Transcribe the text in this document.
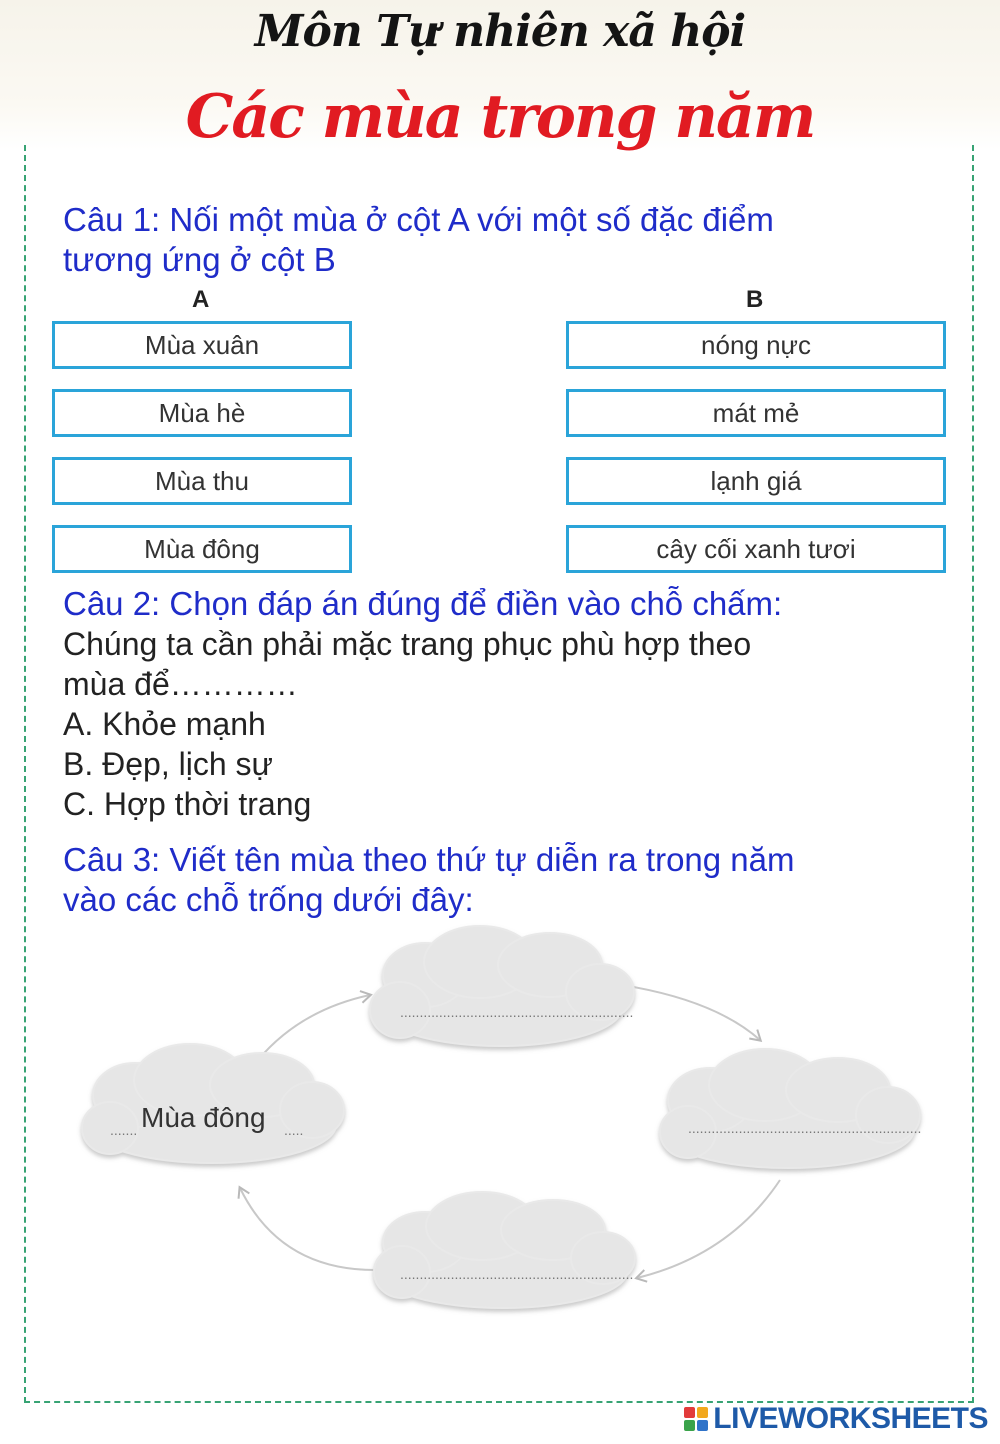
Môn Tự nhiên xã hội
Các mùa trong năm
Câu 1: Nối một mùa ở cột A với một số đặc điểm
tương ứng ở cột B
A	B
Mùa xuân
Mùa hè
Mùa thu
Mùa đông
nóng nực
mát mẻ
lạnh giá
cây cối xanh tươi
Câu 2: Chọn đáp án đúng để điền vào chỗ chấm:
Chúng ta cần phải mặc trang phục phù hợp theo
mùa để…………
A. Khỏe mạnh
B. Đẹp, lịch sự
C. Hợp thời trang
Câu 3: Viết tên mùa theo thứ tự diễn ra trong năm
vào các chỗ trống dưới đây:
............................................................
............................................................
............................................................
....... Mùa đông .....
LIVEWORKSHEETS
